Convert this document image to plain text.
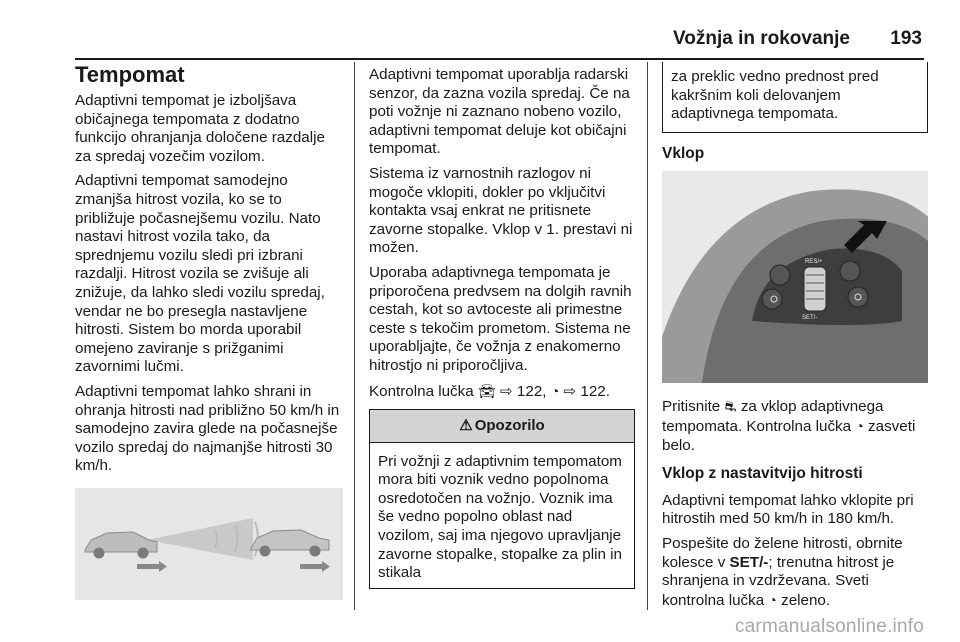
Vožnja in rokovanje 193
Tempomat

Adaptivni tempomat je izboljšava običajnega tempomata z dodatno funkcijo ohranjanja določene razdalje za spredaj vozečim vozilom.

Adaptivni tempomat samodejno zmanjša hitrost vozila, ko se to približuje počasnejšemu vozilu. Nato nastavi hitrost vozila tako, da sprednjemu vozilu sledi pri izbrani razdalji. Hitrost vozila se zvišuje ali znižuje, da lahko sledi vozilu spredaj, vendar ne bo presegla nastavljene hitrosti. Sistem bo morda uporabil omejeno zaviranje s prižganimi zavornimi lučmi.

Adaptivni tempomat lahko shrani in ohranja hitrosti nad približno 50 km/h in samodejno zavira glede na počasnejše vozilo spredaj do najmanjše hitrosti 30 km/h.

Adaptivni tempomat uporablja radarski senzor, da zazna vozila spredaj. Če na poti vožnje ni zaznano nobeno vozilo, adaptivni tempomat deluje kot običajni tempomat.

Sistema iz varnostnih razlogov ni mogoče vklopiti, dokler po vključitvi kontakta vsaj enkrat ne pritisnete zavorne stopalke. Vklop v 1. prestavi ni možen.

Uporaba adaptivnega tempomata je priporočena predvsem na dolgih ravnih cestah, kot so avtoceste ali primestne ceste s tekočim prometom. Sistema ne uporabljajte, če vožnja z enakomerno hitrostjo ni priporočljiva.

Kontrolna lučka 🚘︎ ⇨ 122, ◔ ⇨ 122.

⚠ Opozorilo
Pri vožnji z adaptivnim tempomatom mora biti voznik vedno popolnoma osredotočen na vožnjo. Voznik ima še vedno popolno oblast nad vozilom, saj ima njegovo upravljanje zavorne stopalke, stopalke za plin in stikala
za preklic vedno prednost pred kakršnim koli delovanjem adaptivnega tempomata.
Vklop
RES/+
SET/-

Pritisnite ⛐︎ za vklop adaptivnega tempomata. Kontrolna lučka ◔ zasveti belo.

Vklop z nastavitvijo hitrosti

Adaptivni tempomat lahko vklopite pri hitrostih med 50 km/h in 180 km/h.

Pospešite do želene hitrosti, obrnite kolesce v SET/-; trenutna hitrost je shranjena in vzdrževana. Sveti kontrolna lučka ◔ zeleno.

carmanualsonline.info
